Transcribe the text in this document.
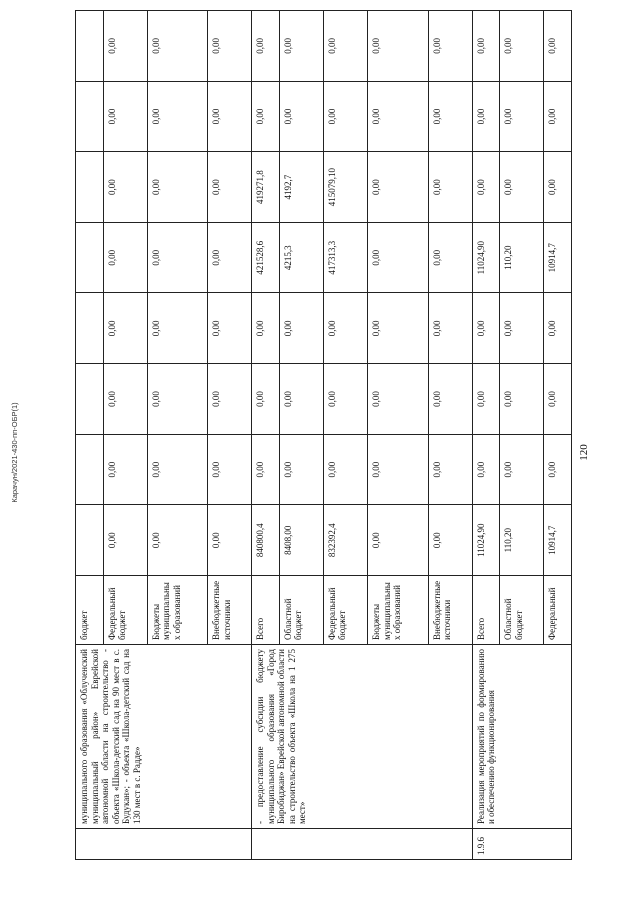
Карачун/2021-430-пп-ОБР(1)
	муниципального образования «Облученский муниципальный район» Еврейской автономной области на строительство - объекта «Школа-детский сад на 90 мест в с. Будукан»; - объекта «Школа-детский сад на 130 мест в с. Радде»	бюджет								
		Федеральный бюджет	0,00	0,00	0,00	0,00	0,00	0,00	0,00	0,00
		Бюджеты муниципальных образований	0,00	0,00	0,00	0,00	0,00	0,00	0,00	0,00
		Внебюджетные источники	0,00	0,00	0,00	0,00	0,00	0,00	0,00	0,00
	- предоставление субсидии бюджету муниципального образования «Город Биробиджан» Еврейской автономной области на строительство объекта «Школа на 1 275 мест»	Всего	840800,4	0,00	0,00	0,00	421528,6	419271,8	0,00	0,00
		Областной бюджет	8408,00	0,00	0,00	0,00	4215,3	4192,7	0,00	0,00
		Федеральный бюджет	832392,4	0,00	0,00	0,00	417313,3	415079,10	0,00	0,00
		Бюджеты муниципальных образований	0,00	0,00	0,00	0,00	0,00	0,00	0,00	0,00
		Внебюджетные источники	0,00	0,00	0,00	0,00	0,00	0,00	0,00	0,00
1.9.6	Реализация мероприятий по формированию и обеспечению функционирования	Всего	11024,90	0,00	0,00	0,00	11024,90	0,00	0,00	0,00
		Областной бюджет	110,20	0,00	0,00	0,00	110,20	0,00	0,00	0,00
		Федеральный	10914,7	0,00	0,00	0,00	10914,7	0,00	0,00	0,00
120
